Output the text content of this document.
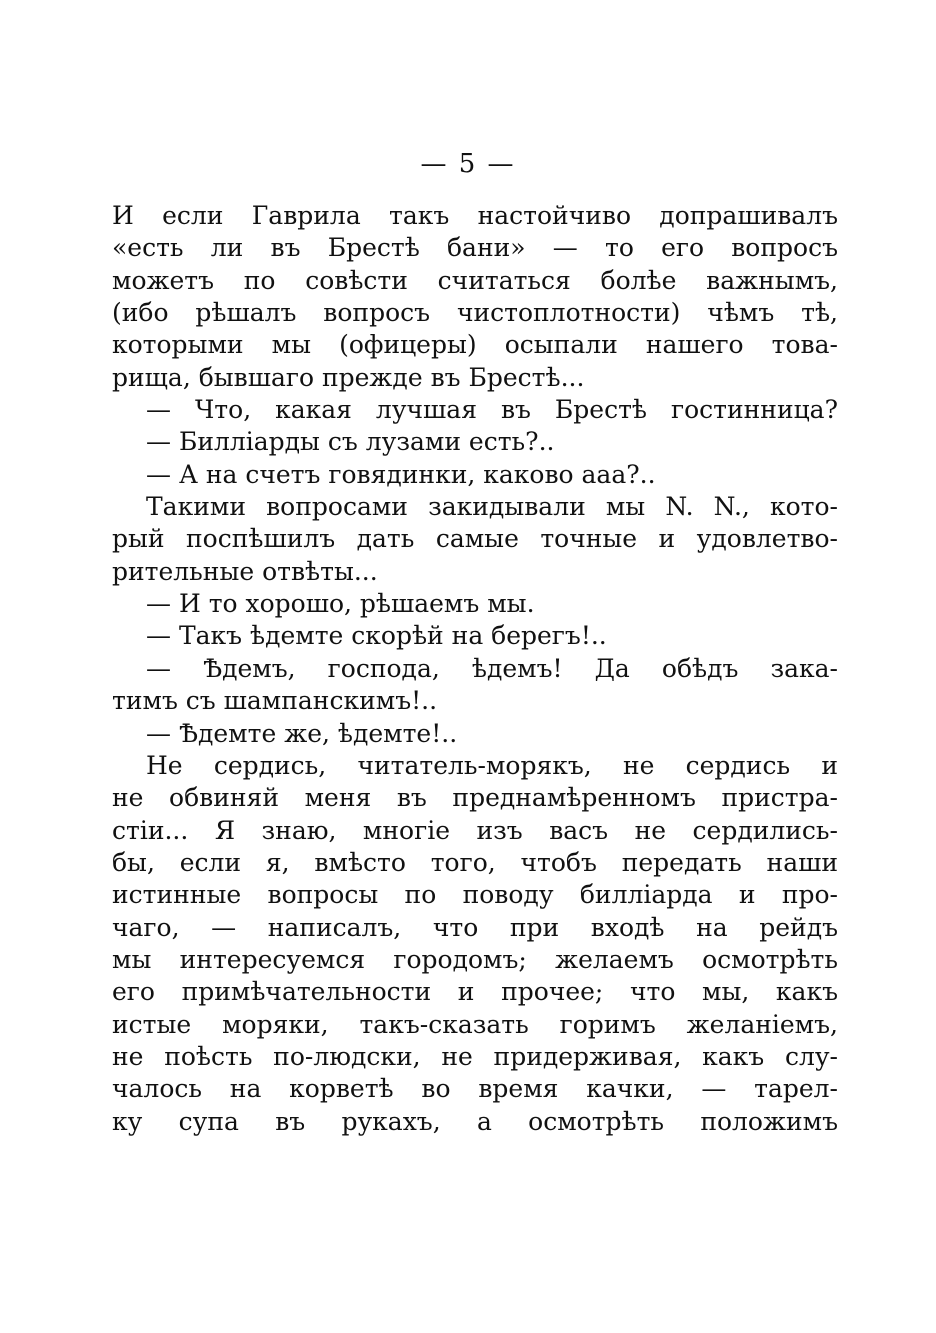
— 5 —
И если Гаврила такъ настойчиво допрашивалъ
«есть ли въ Брестѣ бани» — то его вопросъ
можетъ по совѣсти считаться болѣе важнымъ,
(ибо рѣшалъ вопросъ чистоплотности) чѣмъ тѣ,
которыми мы (офицеры) осыпали нашего това-
рища, бывшаго прежде въ Брестѣ...
— Что, какая лучшая въ Брестѣ гостинница?
— Билліарды съ лузами есть?..
— А на счетъ говядинки, каково ааа?..
Такими вопросами закидывали мы N. N., кото-
рый поспѣшилъ дать самые точные и удовлетво-
рительные отвѣты...
— И то хорошо, рѣшаемъ мы.
— Такъ ѣдемте скорѣй на берегъ!..
— Ѣдемъ, господа, ѣдемъ! Да обѣдъ зака-
тимъ съ шампанскимъ!..
— Ѣдемте же, ѣдемте!..
Не сердись, читатель-морякъ, не сердись и
не обвиняй меня въ преднамѣренномъ пристра-
стіи... Я знаю, многіе изъ васъ не сердились-
бы, если я, вмѣсто того, чтобъ передать наши
истинные вопросы по поводу билліарда и про-
чаго, — написалъ, что при входѣ на рейдъ
мы интересуемся городомъ; желаемъ осмотрѣть
его примѣчательности и прочее; что мы, какъ
истые моряки, такъ-сказать горимъ желаніемъ,
не поѣсть по-людски, не придерживая, какъ слу-
чалось на корветѣ во время качки, — тарел-
ку супа въ рукахъ, а осмотрѣть положимъ
